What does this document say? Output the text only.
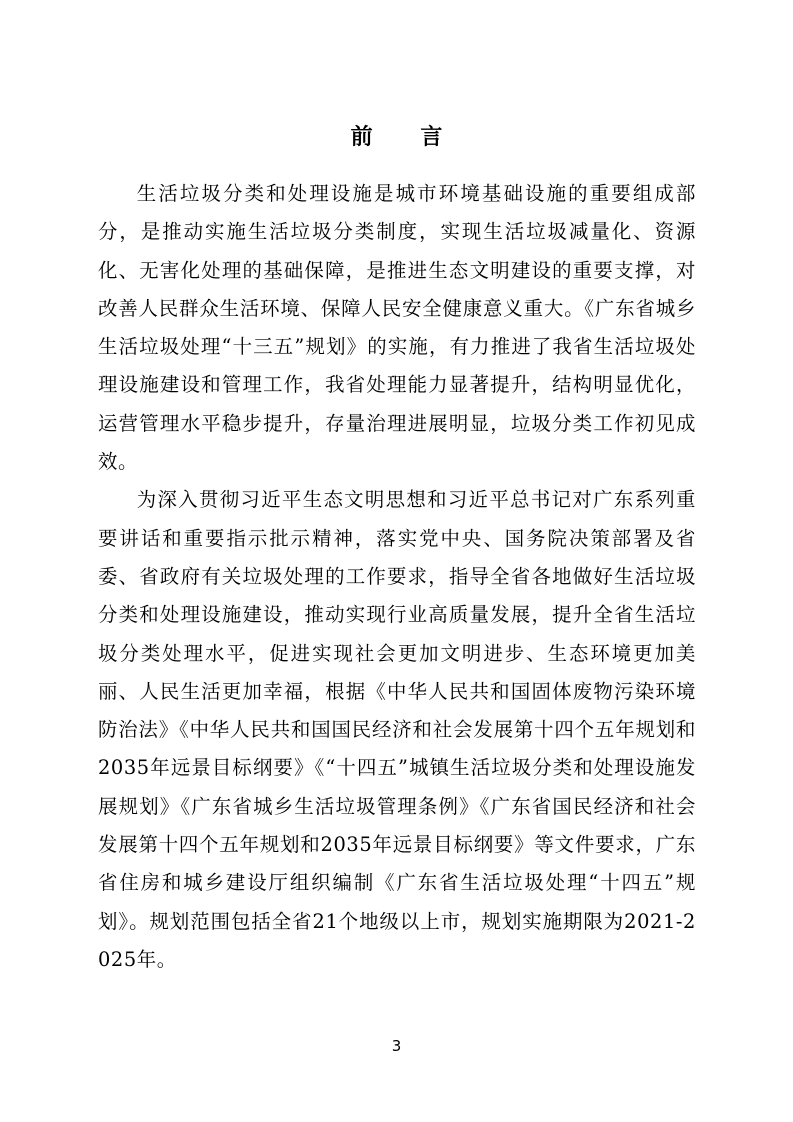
前 言

生活垃圾分类和处理设施是城市环境基础设施的重要组成部分，是推动实施生活垃圾分类制度，实现生活垃圾减量化、资源化、无害化处理的基础保障，是推进生态文明建设的重要支撑，对改善人民群众生活环境、保障人民安全健康意义重大。《广东省城乡生活垃圾处理“十三五”规划》的实施，有力推进了我省生活垃圾处理设施建设和管理工作，我省处理能力显著提升，结构明显优化，运营管理水平稳步提升，存量治理进展明显，垃圾分类工作初见成效。

为深入贯彻习近平生态文明思想和习近平总书记对广东系列重要讲话和重要指示批示精神，落实党中央、国务院决策部署及省委、省政府有关垃圾处理的工作要求，指导全省各地做好生活垃圾分类和处理设施建设，推动实现行业高质量发展，提升全省生活垃圾分类处理水平，促进实现社会更加文明进步、生态环境更加美丽、人民生活更加幸福，根据《中华人民共和国固体废物污染环境防治法》《中华人民共和国国民经济和社会发展第十四个五年规划和2035年远景目标纲要》《“十四五”城镇生活垃圾分类和处理设施发展规划》《广东省城乡生活垃圾管理条例》《广东省国民经济和社会发展第十四个五年规划和2035年远景目标纲要》等文件要求，广东省住房和城乡建设厅组织编制《广东省生活垃圾处理“十四五”规划》。规划范围包括全省21个地级以上市，规划实施期限为2021-2025年。

3
